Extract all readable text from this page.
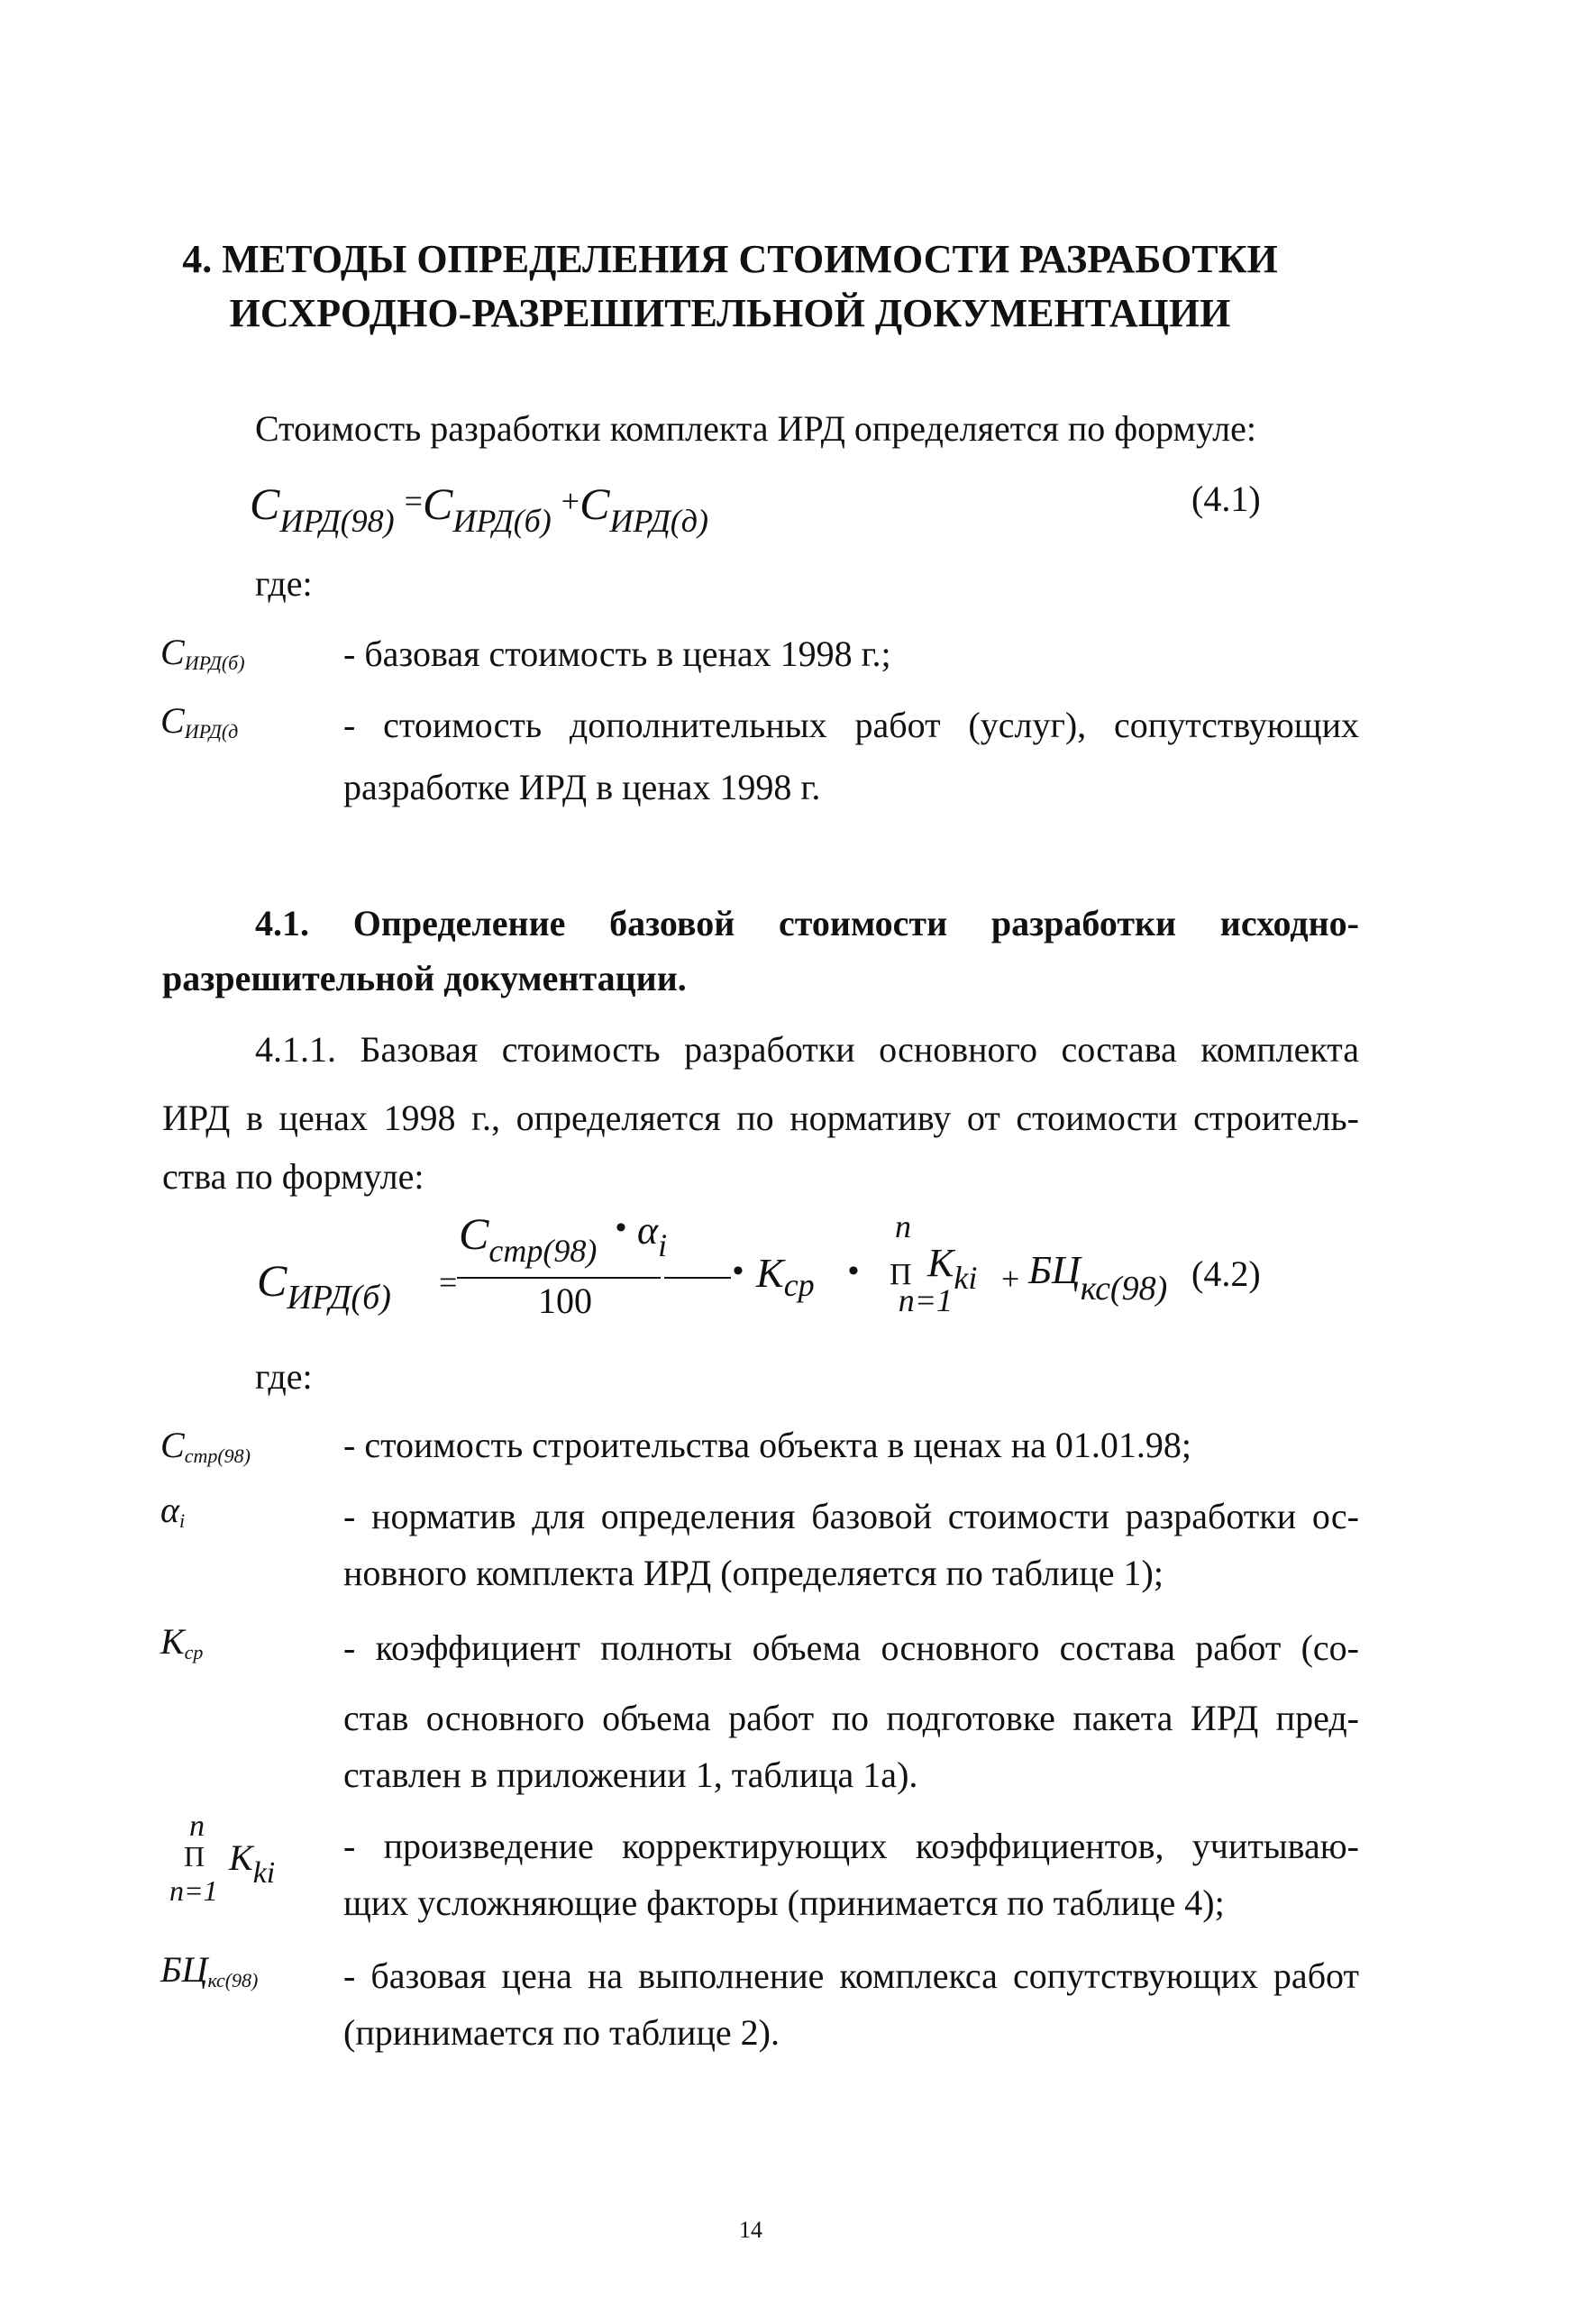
4. МЕТОДЫ ОПРЕДЕЛЕНИЯ СТОИМОСТИ РАЗРАБОТКИ
ИСХРОДНО-РАЗРЕШИТЕЛЬНОЙ ДОКУМЕНТАЦИИ
Стоимость разработки комплекта ИРД определяется по формуле:
$C_{ИРД(98)} =C_{ИРД(б)} +C_{ИРД(д)}$
(4.1)
где:
$С_{ИРД(б)}$	- базовая стоимость в ценах 1998 г.;
$С_{ИРД(д}$	- стоимость дополнительных работ (услуг), сопутствующих
разработке ИРД в ценах 1998 г.
4.1. Определение базовой стоимости разработки исходно-
разрешительной документации.
4.1.1. Базовая стоимость разработки основного состава комплекта
ИРД в ценах 1998 г., определяется по нормативу от стоимости строитель-
ства по формуле:
CИРД(б) =
Cстр(98)
100
• αi
• Kср •
n
Π
n=1
Kki + БЦкс(98) (4.2)
где:
$С_{стр(98)}$	- стоимость строительства объекта в ценах на 01.01.98;
$\alpha_i$	- норматив для определения базовой стоимости разработки ос-
новного комплекта ИРД (определяется по таблице 1);
$К_{ср}$	- коэффициент полноты объема основного состава работ (со-
став основного объема работ по подготовке пакета ИРД пред-
ставлен в приложении 1, таблица 1а).
n
Π
n=1
Kki
- произведение корректирующих коэффициентов, учитываю-
щих усложняющие факторы (принимается по таблице 4);
$БЦ_{кс(98)}$ - базовая цена на выполнение комплекса сопутствующих работ
(принимается по таблице 2).
14
